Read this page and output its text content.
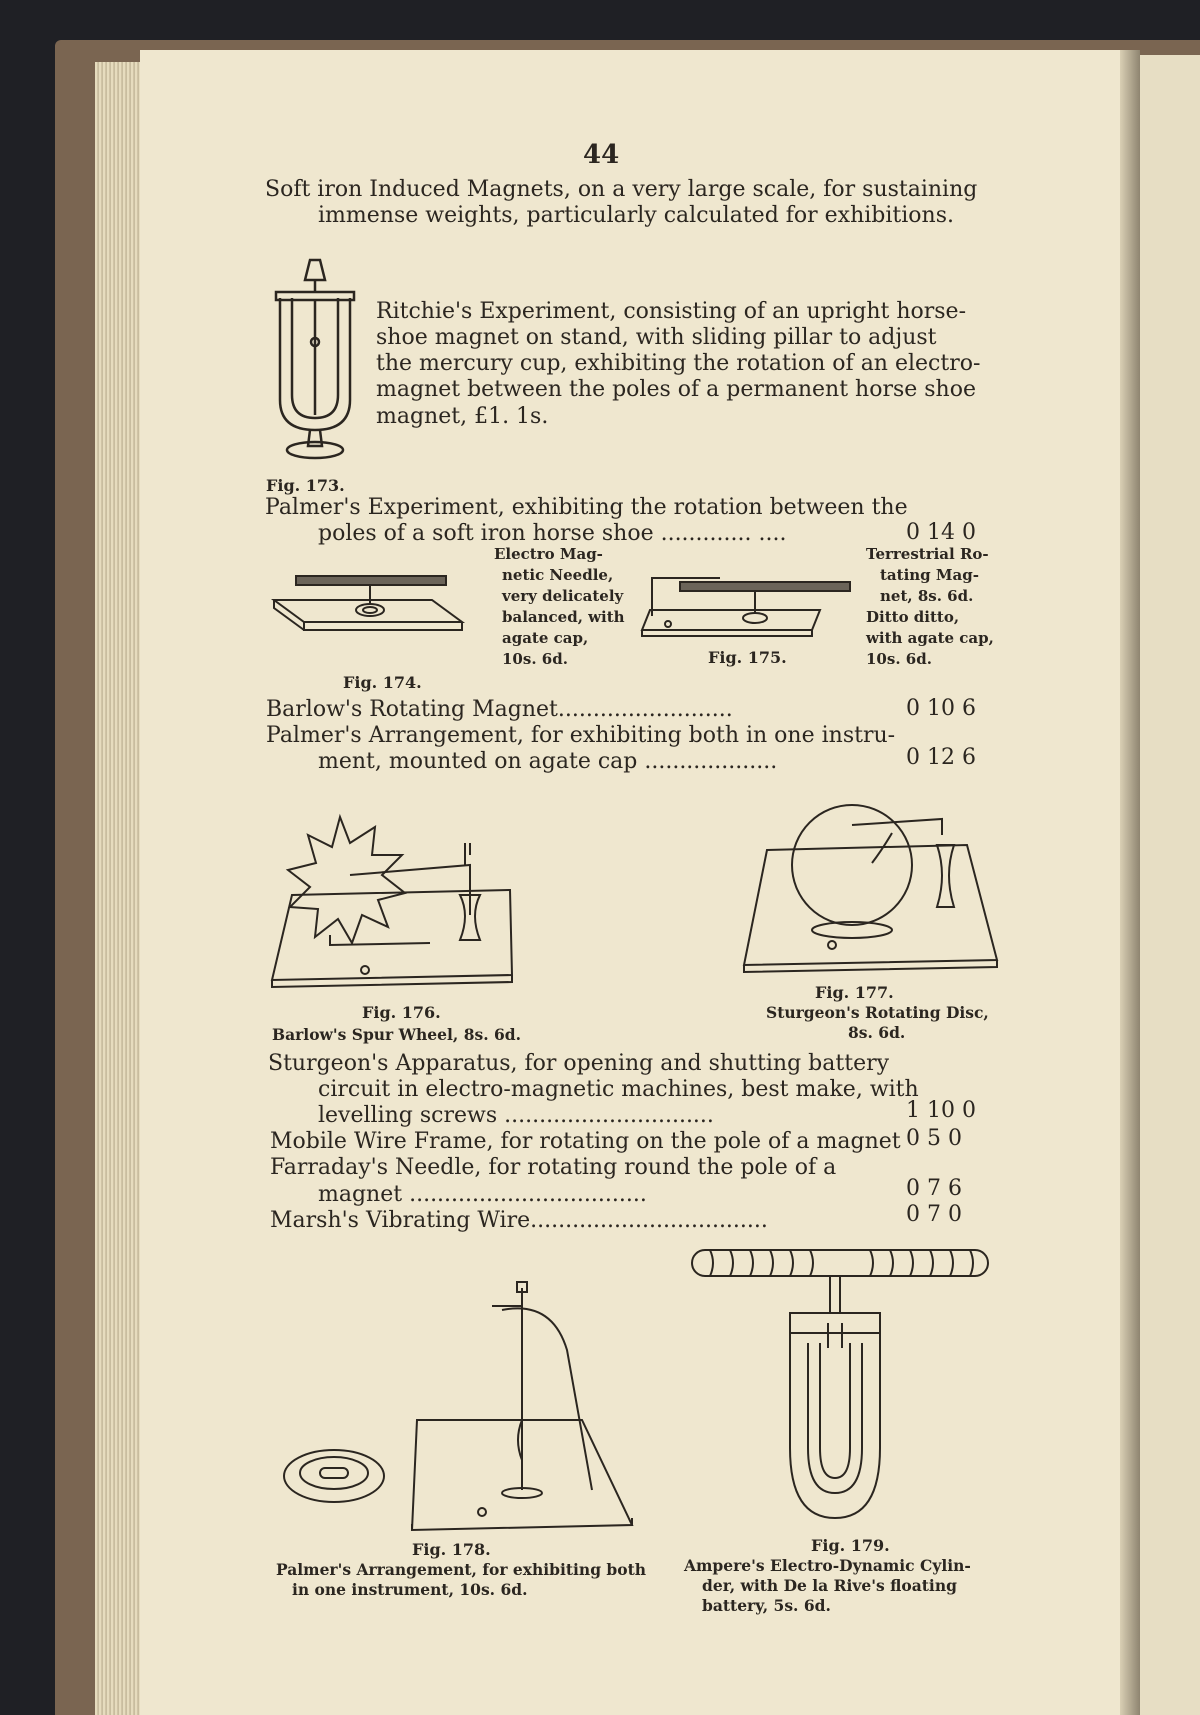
44
Soft iron Induced Magnets, on a very large scale, for sustaining
immense weights, particularly calculated for exhibitions.
Ritchie's Experiment, consisting of an upright horse-
shoe magnet on stand, with sliding pillar to adjust
the mercury cup, exhibiting the rotation of an electro-
magnet between the poles of a permanent horse shoe
magnet, £1. 1s.
Fig. 173.
Palmer's Experiment, exhibiting the rotation between the
poles of a soft iron horse shoe ............. ....	0 14 0
Electro Mag-
netic Needle,
very delicately
balanced, with
agate cap,
10s. 6d.
Terrestrial Ro-
tating Mag-
net, 8s. 6d.
Ditto ditto,
with agate cap,
10s. 6d.
Fig. 175.
Fig. 174.
Barlow's Rotating Magnet.........................	0 10 6
Palmer's Arrangement, for exhibiting both in one instru-
ment, mounted on agate cap ...................	0 12 6
Fig. 176.
Barlow's Spur Wheel, 8s. 6d.
Fig. 177.
Sturgeon's Rotating Disc,
8s. 6d.
Sturgeon's Apparatus, for opening and shutting battery
circuit in electro-magnetic machines, best make, with
levelling screws ..............................	1 10 0
Mobile Wire Frame, for rotating on the pole of a magnet 0 5 0
Farraday's Needle, for rotating round the pole of a
magnet ..................................	0 7 6
Marsh's Vibrating Wire..................................	0 7 0
Fig. 178.
Palmer's Arrangement, for exhibiting both
in one instrument, 10s. 6d.
Fig. 179.
Ampere's Electro-Dynamic Cylin-
der, with De la Rive's floating
battery, 5s. 6d.
